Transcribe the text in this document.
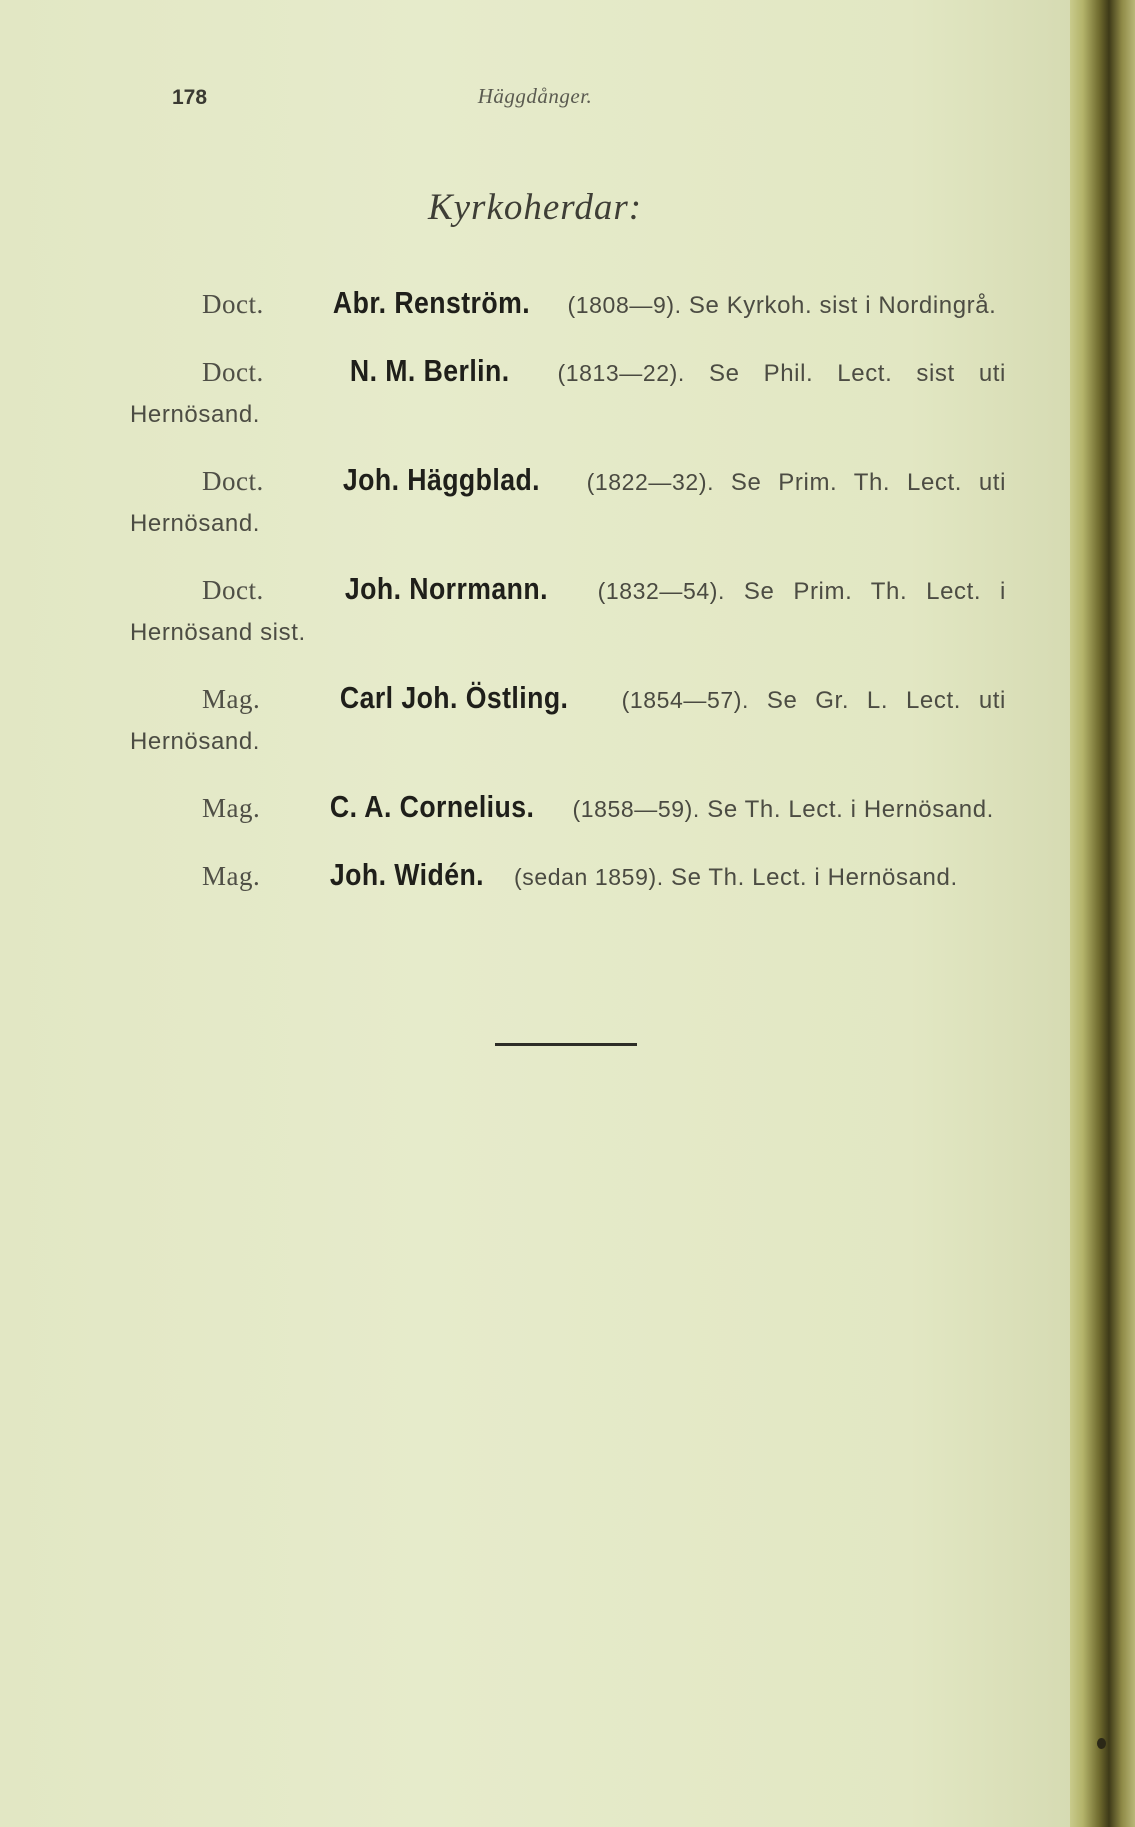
178	Häggdånger.
Kyrkoherdar:

Doct. Abr. Renström. (1808—9). Se Kyrkoh. sist i Nordingrå.

Doct.	N. M. Berlin. (1813—22). Se Phil. Lect. sist uti Hernösand.

Doct.	Joh. Häggblad. (1822—32). Se Prim. Th. Lect. uti Hernösand.

Doct.	Joh. Norrmann. (1832—54). Se Prim. Th. Lect. i Hernösand sist.

Mag.	Carl Joh. Östling. (1854—57). Se Gr. L. Lect. uti Hernösand.

Mag. C. A. Cornelius. (1858—59). Se Th. Lect. i Hernösand.

Mag. Joh. Widén. (sedan 1859). Se Th. Lect. i Hernösand.
